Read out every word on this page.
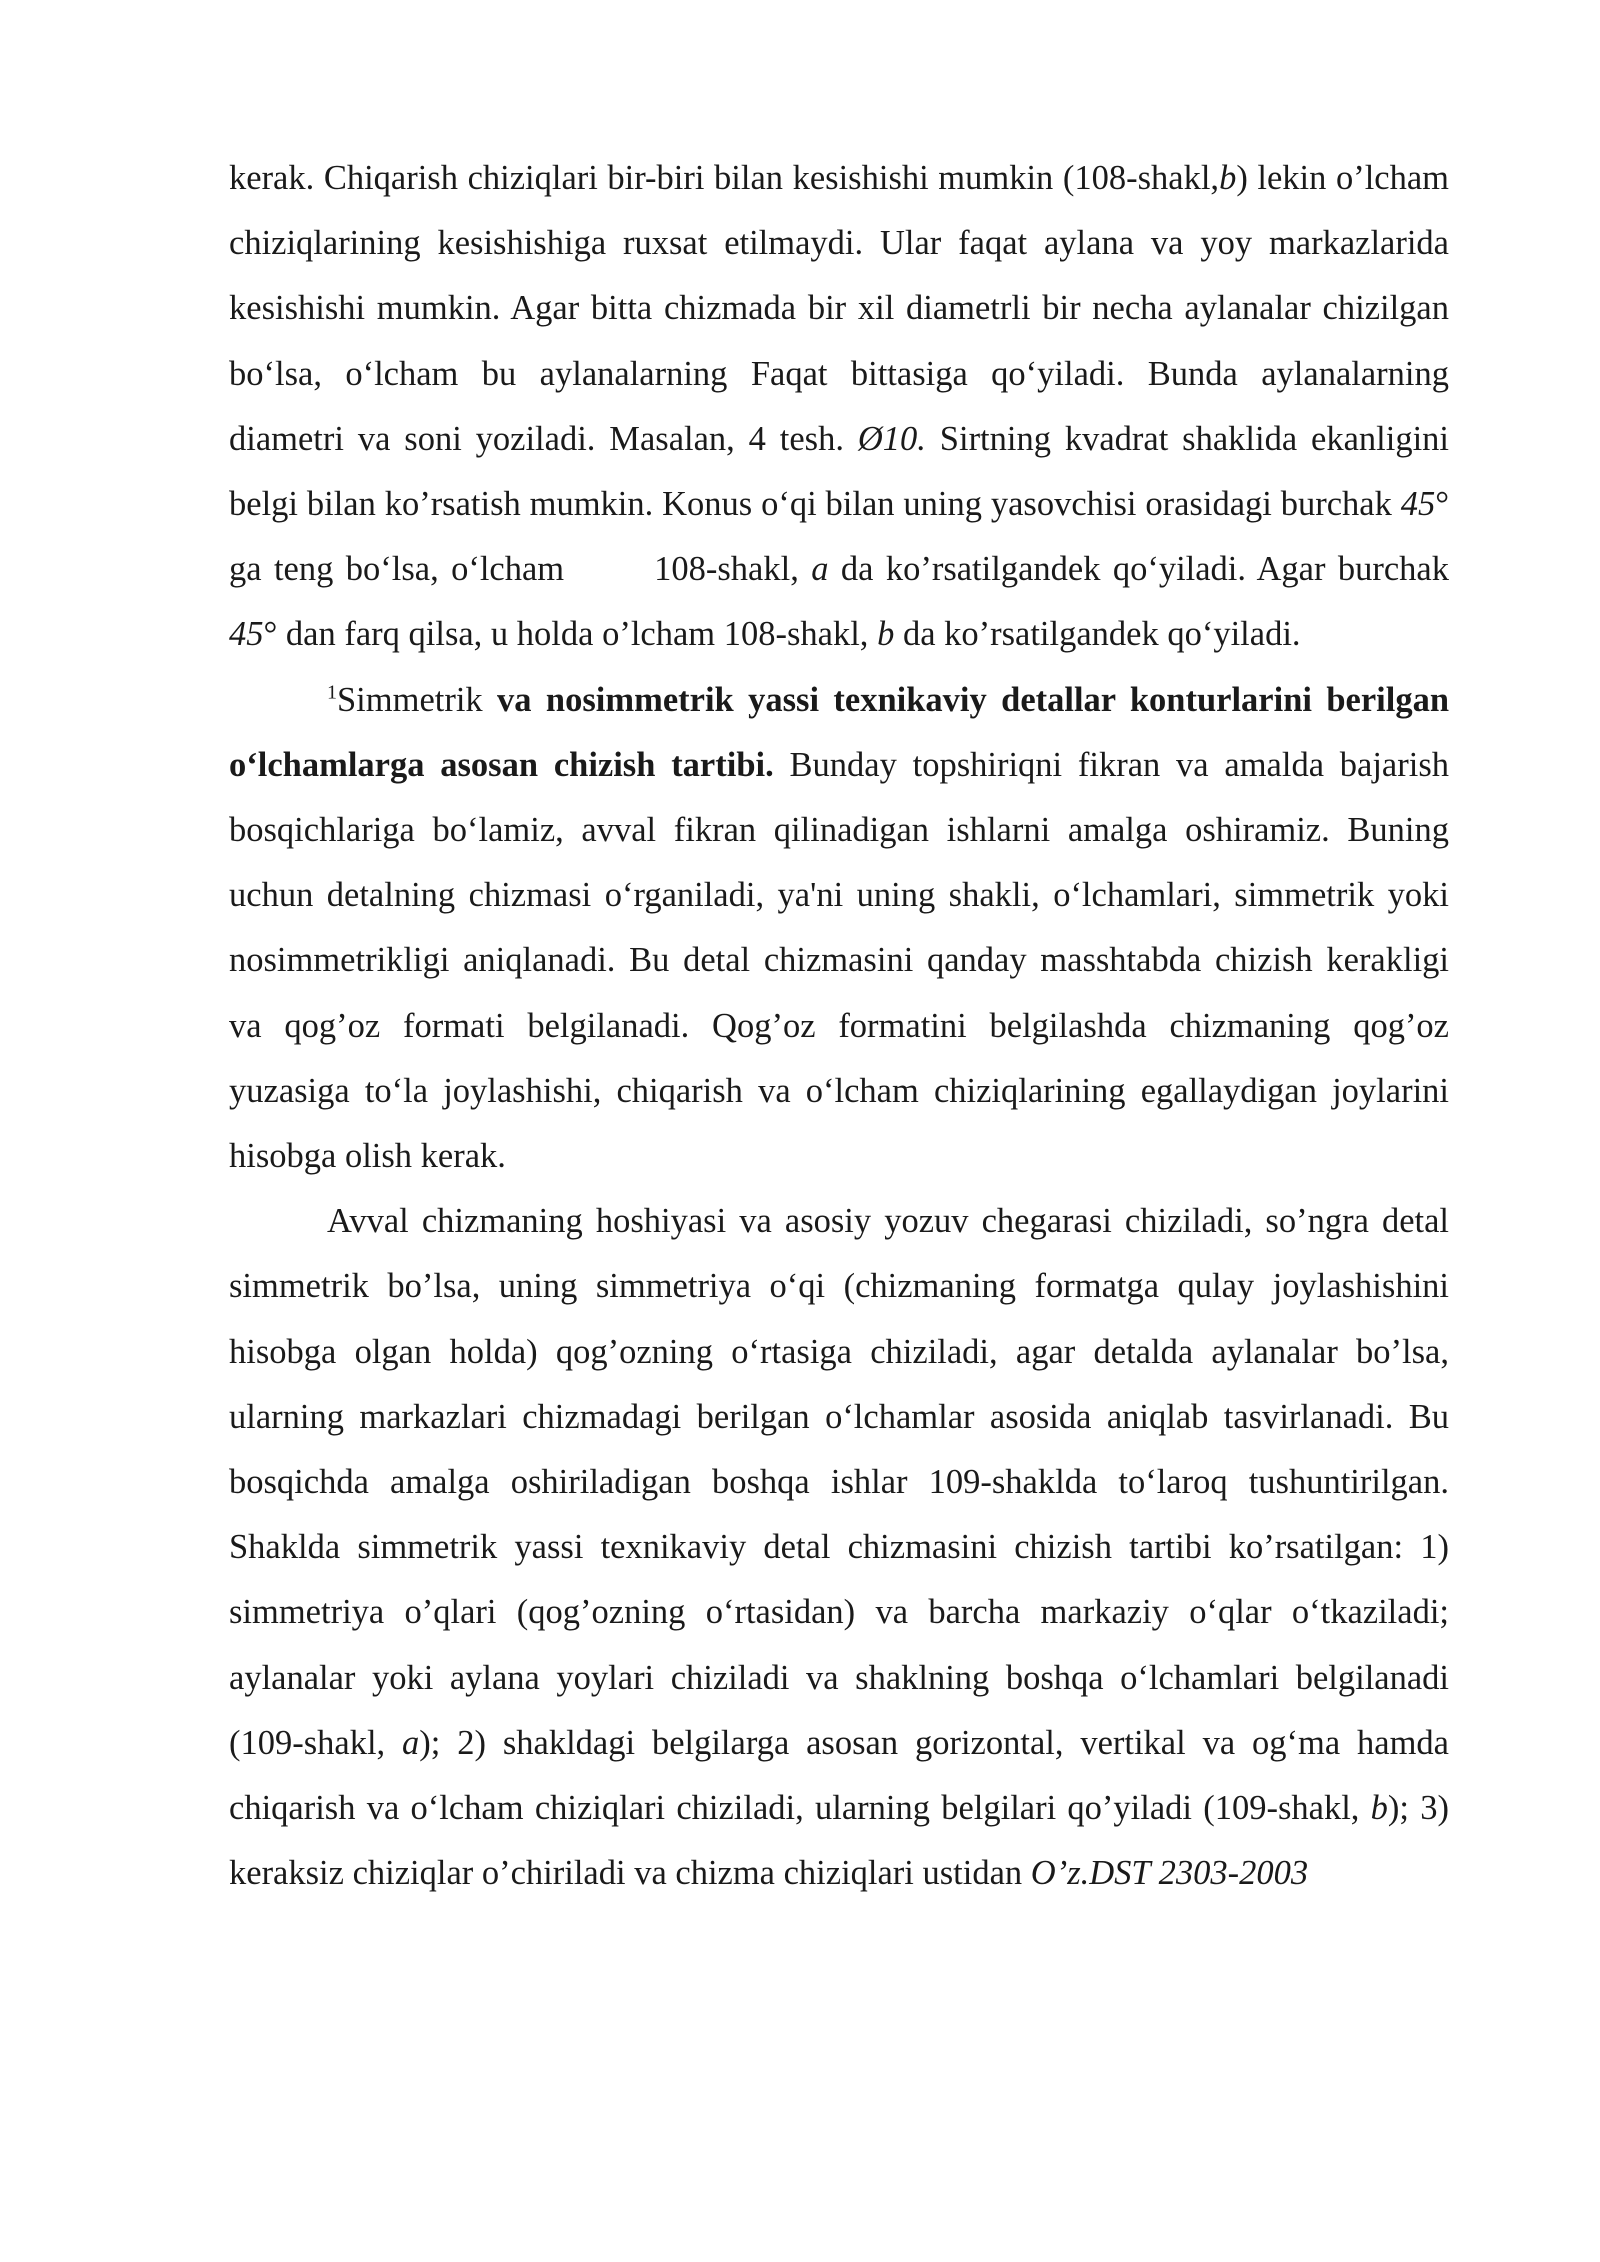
kerak. Chiqarish chiziqlari bir-biri bilan kesishishi mumkin (108-shakl,b) lekin o’lcham chiziqlarining kesishishiga ruxsat etilmaydi. Ular faqat aylana va yoy markazlarida kesishishi mumkin. Agar bitta chizmada bir xil diametrli bir necha aylanalar chizilgan bo‘lsa, o‘lcham bu aylanalarning Faqat bittasiga qo‘yiladi. Bunda aylanalarning diametri va soni yoziladi. Masalan, 4 tesh. Ø10. Sirtning kvadrat shaklida ekanligini belgi bilan ko’rsatish mumkin. Konus o‘qi bilan uning yasovchisi orasidagi burchak 45° ga teng bo‘lsa, o‘lcham	108-shakl, a da ko’rsatilgandek qo‘yiladi. Agar burchak 45° dan farq qilsa, u holda o’lcham 108-shakl, b da ko’rsatilgandek qo‘yiladi.

$^1$Simmetrik va nosimmetrik yassi texnikaviy detallar konturlarini berilgan o‘lchamlarga asosan chizish tartibi. Bunday topshiriqni fikran va amalda bajarish bosqichlariga bo‘lamiz, avval fikran qilinadigan ishlarni amalga oshiramiz. Buning uchun detalning chizmasi o‘rganiladi, ya'ni uning shakli, o‘lchamlari, simmetrik yoki nosimmetrikligi aniqlanadi. Bu detal chizmasini qanday masshtabda chizish kerakligi va qog’oz formati belgilanadi. Qog’oz formatini belgilashda chizmaning qog’oz yuzasiga to‘la joylashishi, chiqarish va o‘lcham chiziqlarining egallaydigan joylarini hisobga olish kerak.

Avval chizmaning hoshiyasi va asosiy yozuv chegarasi chiziladi, so’ngra detal simmetrik bo’lsa, uning simmetriya o‘qi (chizmaning formatga qulay joylashishini hisobga olgan holda) qog’ozning o‘rtasiga chiziladi, agar detalda aylanalar bo’lsa, ularning markazlari chizmadagi berilgan o‘lchamlar asosida aniqlab tasvirlanadi. Bu bosqichda amalga oshiriladigan boshqa ishlar 109-shaklda to‘laroq tushuntirilgan. Shaklda simmetrik yassi texnikaviy detal chizmasini chizish tartibi ko’rsatilgan: 1) simmetriya o’qlari (qog’ozning o‘rtasidan) va barcha markaziy o‘qlar o‘tkaziladi; aylanalar yoki aylana yoylari chiziladi va shaklning boshqa o‘lchamlari belgilanadi (109-shakl, a); 2) shakldagi belgilarga asosan gorizontal, vertikal va og‘ma hamda chiqarish va o‘lcham chiziqlari chiziladi, ularning belgilari qo’yiladi (109-shakl, b); 3) keraksiz chiziqlar o’chiriladi va chizma chiziqlari ustidan O’z.DST 2303-2003
